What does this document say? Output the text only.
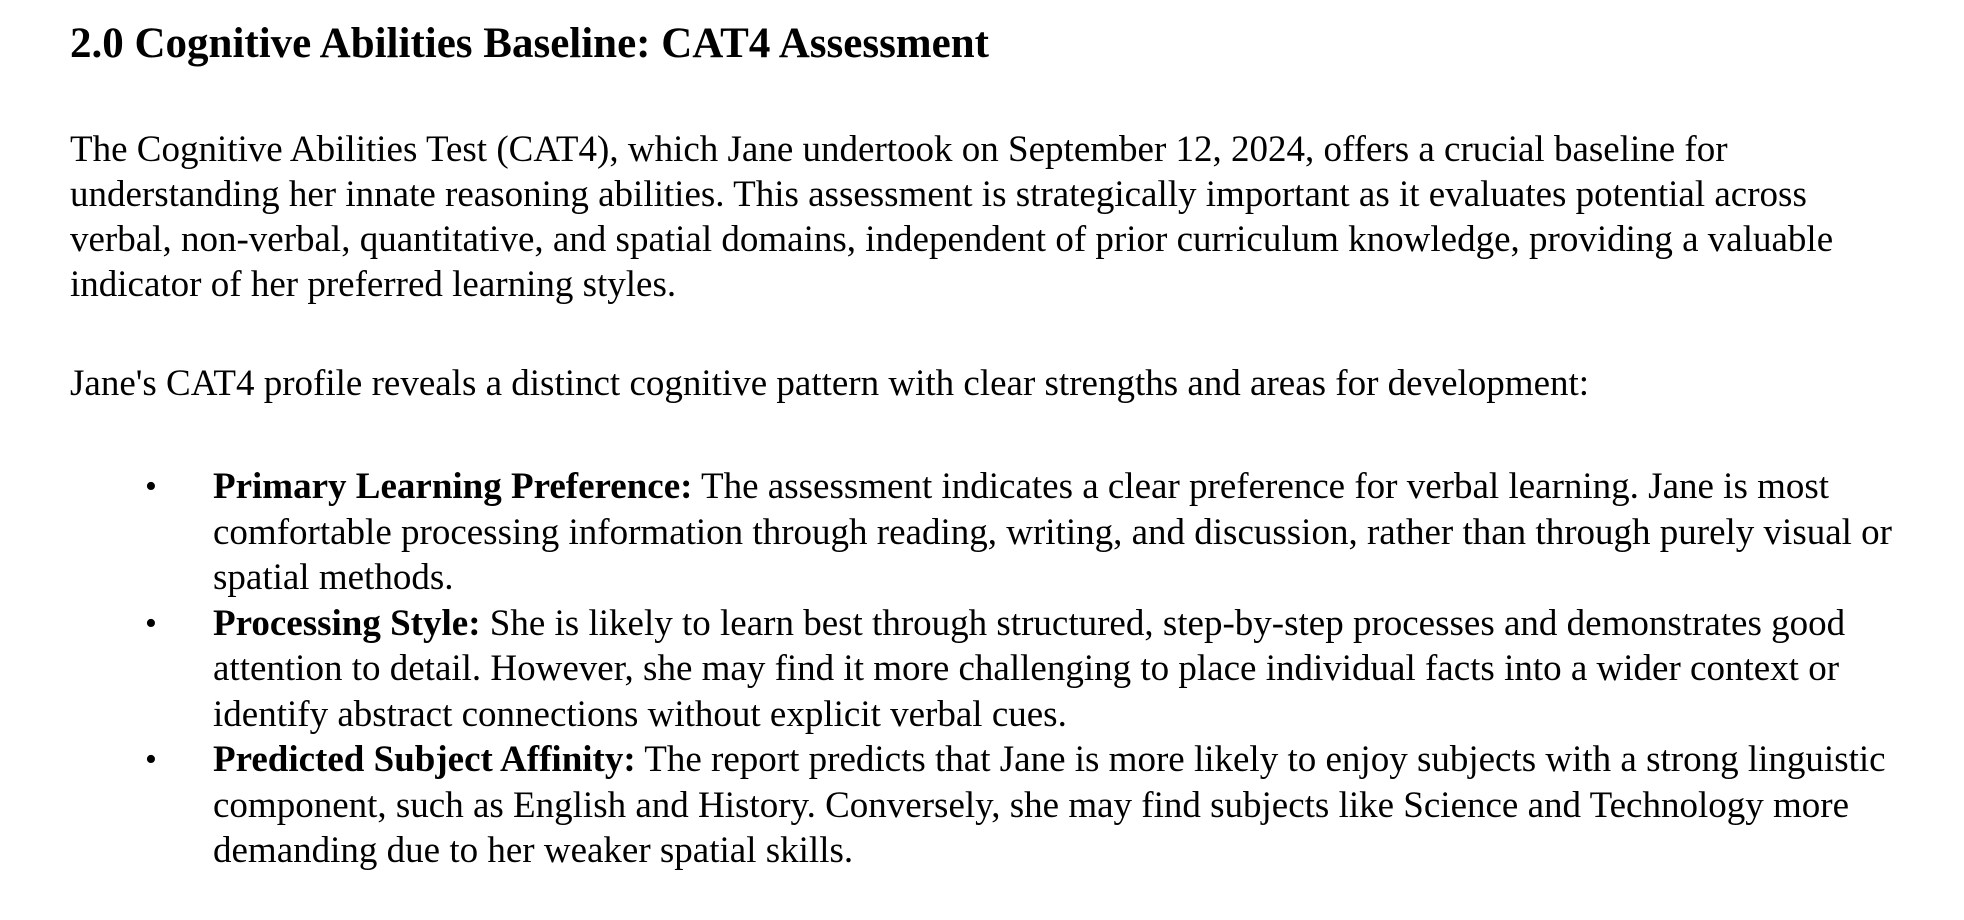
2.0 Cognitive Abilities Baseline: CAT4 Assessment

The Cognitive Abilities Test (CAT4), which Jane undertook on September 12, 2024, offers a crucial baseline for understanding her innate reasoning abilities. This assessment is strategically important as it evaluates potential across verbal, non-verbal, quantitative, and spatial domains, independent of prior curriculum knowledge, providing a valuable indicator of her preferred learning styles.

Jane's CAT4 profile reveals a distinct cognitive pattern with clear strengths and areas for development:

• Primary Learning Preference: The assessment indicates a clear preference for verbal learning. Jane is most comfortable processing information through reading, writing, and discussion, rather than through purely visual or spatial methods.
• Processing Style: She is likely to learn best through structured, step-by-step processes and demonstrates good attention to detail. However, she may find it more challenging to place individual facts into a wider context or identify abstract connections without explicit verbal cues.
• Predicted Subject Affinity: The report predicts that Jane is more likely to enjoy subjects with a strong linguistic component, such as English and History. Conversely, she may find subjects like Science and Technology more demanding due to her weaker spatial skills.
